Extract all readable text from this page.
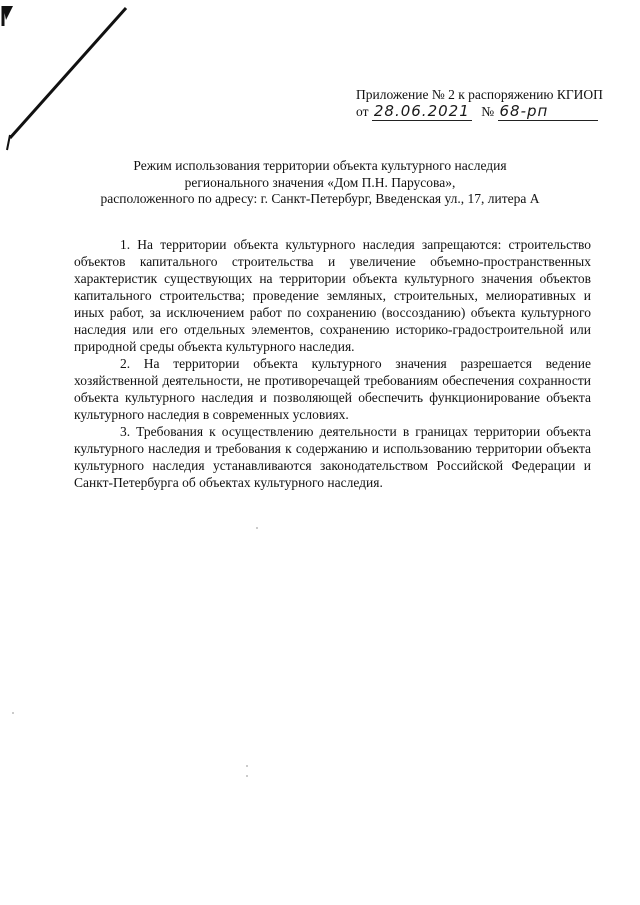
Приложение № 2 к распоряжению КГИОП
от 28.06.2021 № 68-рп
Режим использования территории объекта культурного наследия
регионального значения «Дом П.Н. Парусова»,
расположенного по адресу: г. Санкт-Петербург, Введенская ул., 17, литера А

1. На территории объекта культурного наследия запрещаются: строительство объектов капитального строительства и увеличение объемно-пространственных характеристик существующих на территории объекта культурного значения объектов капитального строительства; проведение земляных, строительных, мелиоративных и иных работ, за исключением работ по сохранению (воссозданию) объекта культурного наследия или его отдельных элементов, сохранению историко-градостроительной или природной среды объекта культурного наследия.

2. На территории объекта культурного значения разрешается ведение хозяйственной деятельности, не противоречащей требованиям обеспечения сохранности объекта культурного наследия и позволяющей обеспечить функционирование объекта культурного наследия в современных условиях.

3. Требования к осуществлению деятельности в границах территории объекта культурного наследия и требования к содержанию и использованию территории объекта культурного наследия устанавливаются законодательством Российской Федерации и Санкт-Петербурга об объектах культурного наследия.
